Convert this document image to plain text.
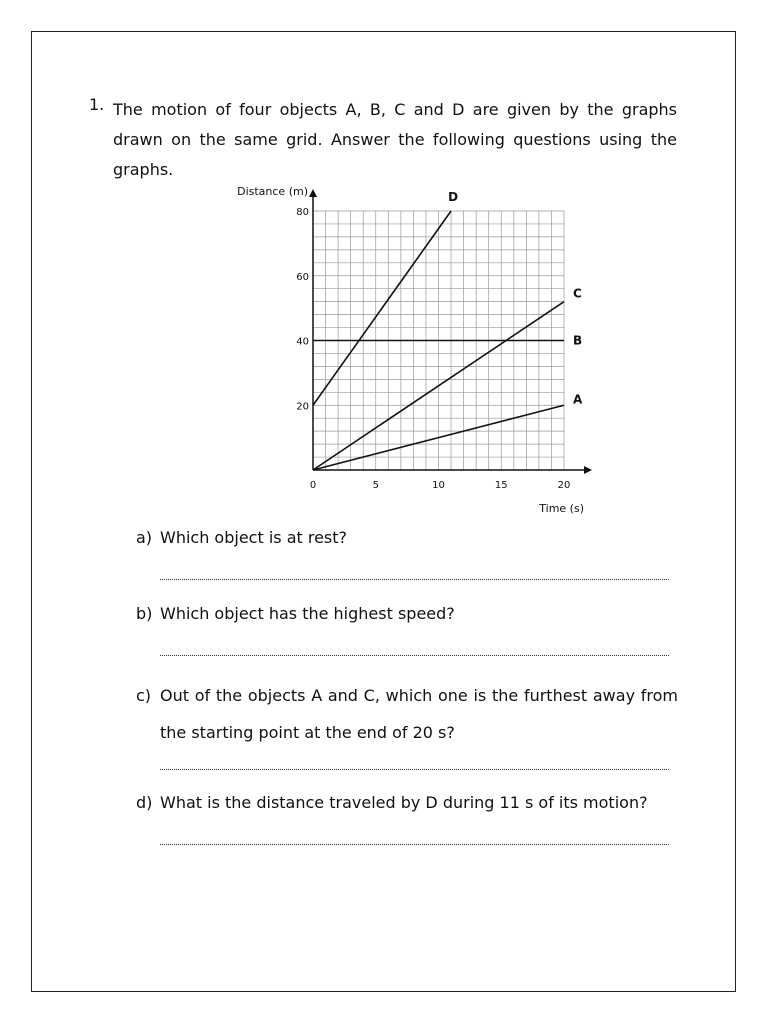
1. The motion of four objects A, B, C and D are given by the graphs drawn on the same grid. Answer the following questions using the graphs.
0	5	10	15	20
20
40
60
80
Distance (m)
Time (s)
A
B
C
D
a) Which object is at rest?
b) Which object has the highest speed?
c) Out of the objects A and C, which one is the furthest away from the starting point at the end of 20 s?
d) What is the distance traveled by D during 11 s of its motion?
